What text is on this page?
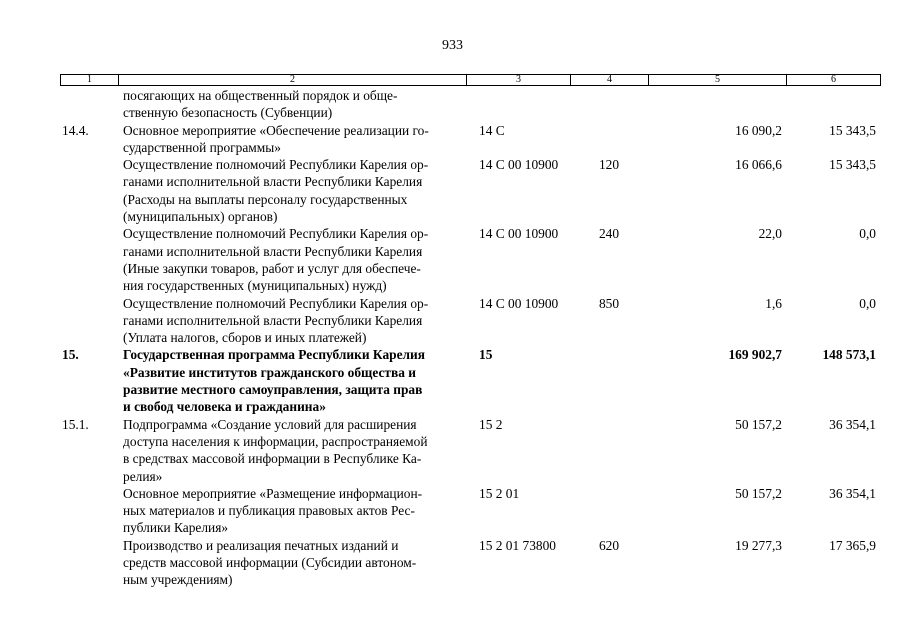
933
1	2	3	4	5	6
	посягающих на общественный порядок и обще-
ственную безопасность (Субвенции)				
14.4.	Основное мероприятие «Обеспечение реализации го-
сударственной программы»	14 С		16 090,2	15 343,5
	Осуществление полномочий Республики Карелия ор-
ганами исполнительной власти Республики Карелия
(Расходы на выплаты персоналу государственных
(муниципальных) органов)	14 С 00 10900	120	16 066,6	15 343,5
	Осуществление полномочий Республики Карелия ор-
ганами исполнительной власти Республики Карелия
(Иные закупки товаров, работ и услуг для обеспече-
ния государственных (муниципальных) нужд)	14 С 00 10900	240	22,0	0,0
	Осуществление полномочий Республики Карелия ор-
ганами исполнительной власти Республики Карелия
(Уплата налогов, сборов и иных платежей)	14 С 00 10900	850	1,6	0,0
15.	Государственная программа Республики Карелия
«Развитие институтов гражданского общества и
развитие местного самоуправления, защита прав
и свобод человека и гражданина»	15		169 902,7	148 573,1
15.1.	Подпрограмма «Создание условий для расширения
доступа населения к информации, распространяемой
в средствах массовой информации в Республике Ка-
релия»	15 2		50 157,2	36 354,1
	Основное мероприятие «Размещение информацион-
ных материалов и публикация правовых актов Рес-
публики Карелия»	15 2 01		50 157,2	36 354,1
	Производство и реализация печатных изданий и
средств массовой информации (Субсидии автоном-
ным учреждениям)	15 2 01 73800	620	19 277,3	17 365,9
